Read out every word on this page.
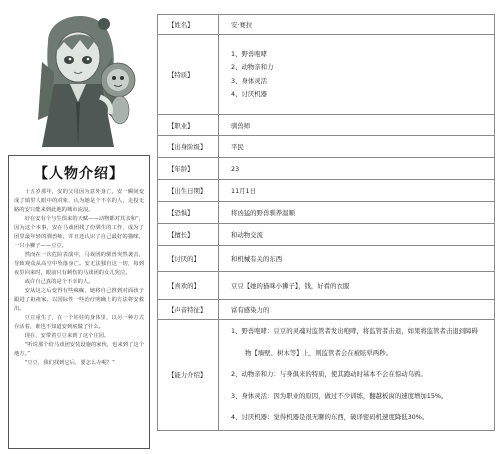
【人物介绍】

十五岁那年，安的父母因为意外身亡，安一瞬间变成了镇里人眼中的对象，认为她是个不幸的人，走投无路的安只能来到此地的城市流浪。

好在安有个与生俱来的天赋——动物都对其亲和“，因为这个本事，安在马戏团找了份驯生的工作，成为了团里最年轻的驯兽师，并且还认识了自己最好的猫咪，一只小狮子——豆豆。

然而在一次危险表演中，马戏团的驯兽突然袭击，导致观众从高空中坠落身亡。安无法独自这一切，每到夜里回来时，眼前只有刺伤的马戏团的女儿哭泣。

或许自己真的是个不幸的人。

安从这之后变得有些疯癫，她将自己推到对面孩子跟进了祖祖家。以国际性一些治疗明确上的方法将安救出。

豆豆重生了，在一个娃娃的身体里，以另一种方式存活着，谁也不知道安到底做了什么。

现在，安带着豆豆来到了这个庄园。

“听说那个给马戏团安装设施的家伙，也来到了这个地方。”

“豆豆，我们找到它后，要怎么办呢？”

【姓名】	安·赛拉
【特质】	1、野兽咆哮
2、动物亲和力
3、身体灵活
4、讨厌机器

【职业】	驯兽师
【出身阶级】	平民
【年龄】	23
【出生日期】	11月1日
【恐惧】	将凶猛的野兽驯养温顺
【擅长】	和动物交流
【讨厌的】	和机械有关的东西
【喜欢的】	豆豆【她的猫咪小狮子】，钱，好看的衣服
【声音特征】	富有感染力的
【能力介绍】	1、野兽咆哮：豆豆的灵魂对监管者发出咆哮，将监管者击退，如果将监管者击退到障碍
物【墙壁、树木等】上，则监管者会在被眩晕两秒。
2、动物亲和力：与身俱来的特质，使其跑动时基本不会在惊动乌鸦。
3、身体灵活：因为职业的原因，做过不少训练，翻越板窗的速度增加15%。
4、讨厌机器：觉得机器是很无聊的东西，破译密码机速度降低30%。
